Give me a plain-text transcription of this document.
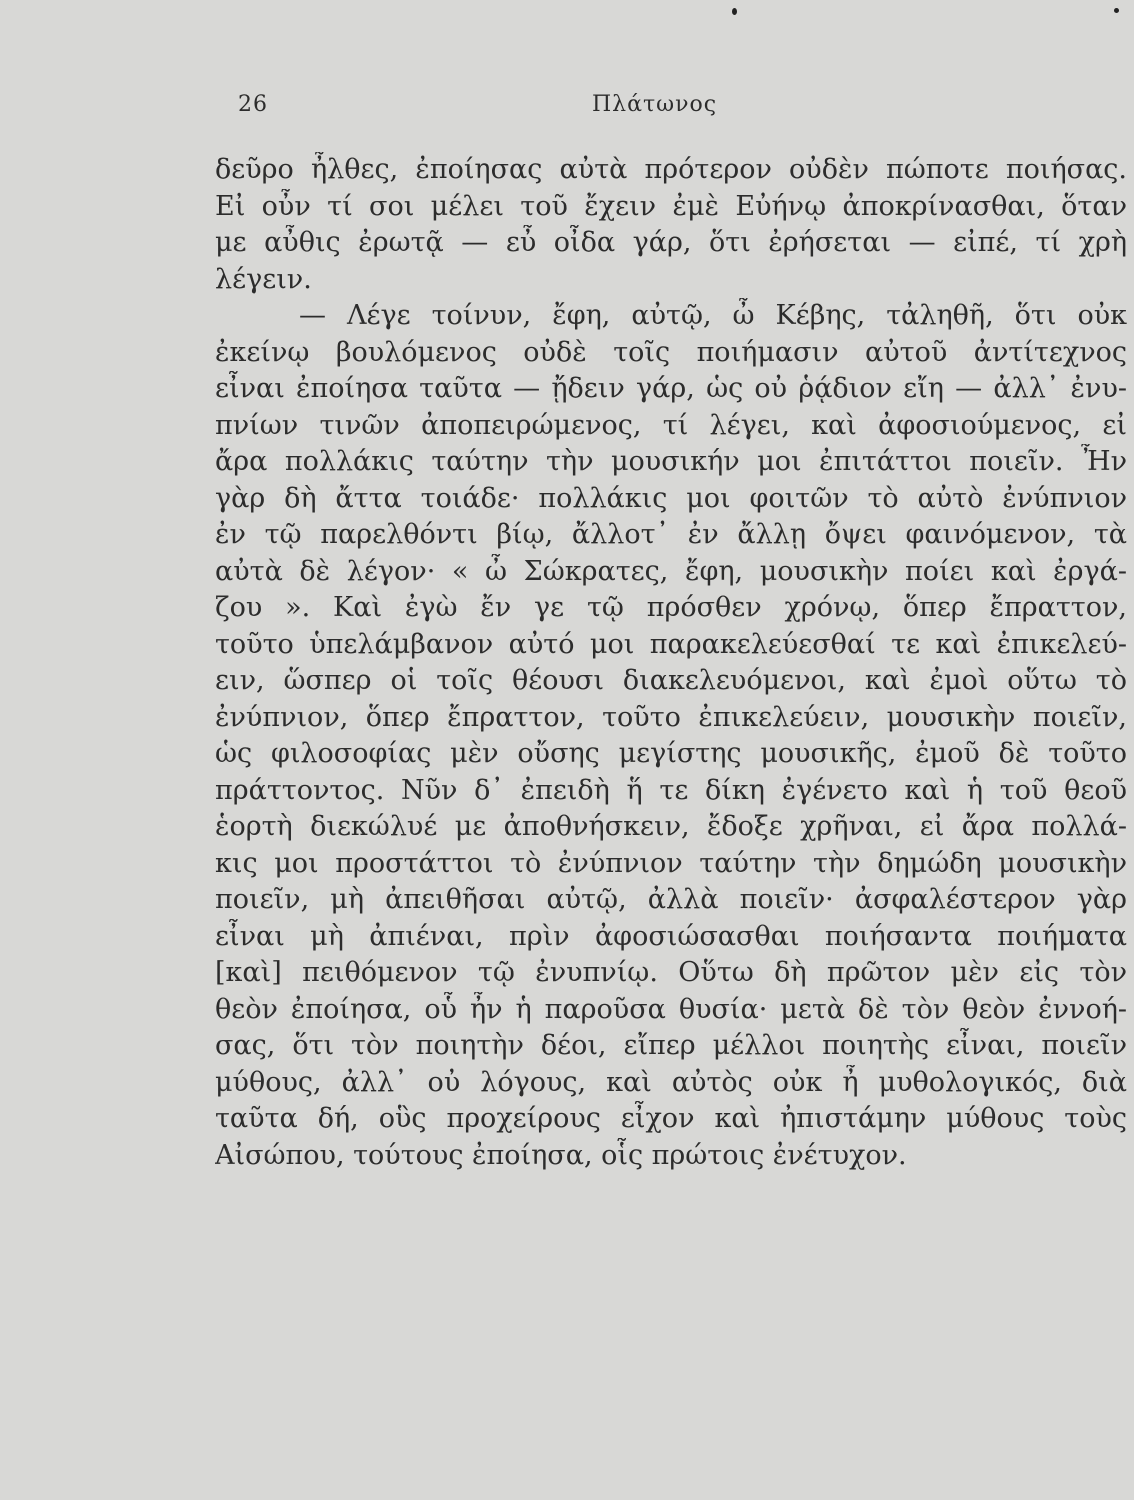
26	Πλάτωνος
δεῦρο ἦλθες, ἐποίησας αὐτὰ πρότερον οὐδὲν πώποτε ποιήσας.
Εἰ οὖν τί σοι μέλει τοῦ ἔχειν ἐμὲ Εὐήνῳ ἀποκρίνασθαι, ὅταν
με αὖθις ἐρωτᾷ — εὖ οἶδα γάρ, ὅτι ἐρήσεται — εἰπέ, τί χρὴ
λέγειν.
— Λέγε τοίνυν, ἔφη, αὐτῷ, ὦ Κέβης, τἀληθῆ, ὅτι οὐκ
ἐκείνῳ βουλόμενος οὐδὲ τοῖς ποιήμασιν αὐτοῦ ἀντίτεχνος
εἶναι ἐποίησα ταῦτα — ᾔδειν γάρ, ὡς οὐ ῥᾴδιον εἴη — ἀλλ᾽ ἐνυ-
πνίων τινῶν ἀποπειρώμενος, τί λέγει, καὶ ἀφοσιούμενος, εἰ
ἄρα πολλάκις ταύτην τὴν μουσικήν μοι ἐπιτάττοι ποιεῖν. Ἦν
γὰρ δὴ ἄττα τοιάδε· πολλάκις μοι φοιτῶν τὸ αὐτὸ ἐνύπνιον
ἐν τῷ παρελθόντι βίῳ, ἄλλοτ᾽ ἐν ἄλλῃ ὄψει φαινόμενον, τὰ
αὐτὰ δὲ λέγον· « ὦ Σώκρατες, ἔφη, μουσικὴν ποίει καὶ ἐργά-
ζου ». Καὶ ἐγὼ ἔν γε τῷ πρόσθεν χρόνῳ, ὅπερ ἔπραττον,
τοῦτο ὑπελάμβανον αὐτό μοι παρακελεύεσθαί τε καὶ ἐπικελεύ-
ειν, ὥσπερ οἱ τοῖς θέουσι διακελευόμενοι, καὶ ἐμοὶ οὕτω τὸ
ἐνύπνιον, ὅπερ ἔπραττον, τοῦτο ἐπικελεύειν, μουσικὴν ποιεῖν,
ὡς φιλοσοφίας μὲν οὔσης μεγίστης μουσικῆς, ἐμοῦ δὲ τοῦτο
πράττοντος. Νῦν δ᾽ ἐπειδὴ ἥ τε δίκη ἐγένετο καὶ ἡ τοῦ θεοῦ
ἑορτὴ διεκώλυέ με ἀποθνήσκειν, ἔδοξε χρῆναι, εἰ ἄρα πολλά-
κις μοι προστάττοι τὸ ἐνύπνιον ταύτην τὴν δημώδη μουσικὴν
ποιεῖν, μὴ ἀπειθῆσαι αὐτῷ, ἀλλὰ ποιεῖν· ἀσφαλέστερον γὰρ
εἶναι μὴ ἀπιέναι, πρὶν ἀφοσιώσασθαι ποιήσαντα ποιήματα
[καὶ] πειθόμενον τῷ ἐνυπνίῳ. Οὕτω δὴ πρῶτον μὲν εἰς τὸν
θεὸν ἐποίησα, οὗ ἦν ἡ παροῦσα θυσία· μετὰ δὲ τὸν θεὸν ἐννοή-
σας, ὅτι τὸν ποιητὴν δέοι, εἴπερ μέλλοι ποιητὴς εἶναι, ποιεῖν
μύθους, ἀλλ᾽ οὐ λόγους, καὶ αὐτὸς οὐκ ἦ μυθολογικός, διὰ
ταῦτα δή, οὓς προχείρους εἶχον καὶ ἠπιστάμην μύθους τοὺς
Αἰσώπου, τούτους ἐποίησα, οἷς πρώτοις ἐνέτυχον.
